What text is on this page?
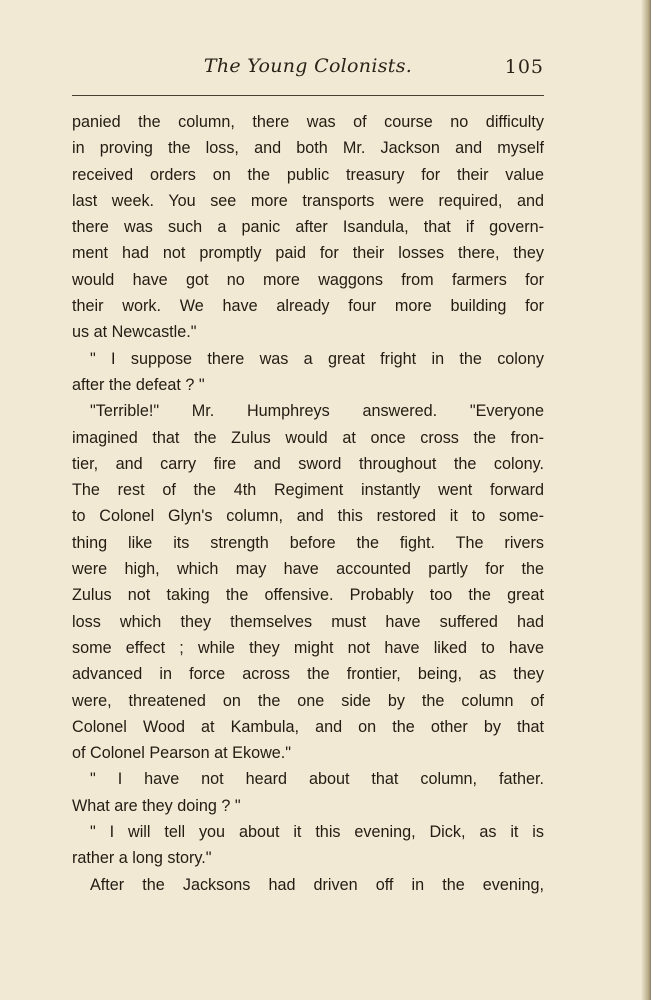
The Young Colonists.	105
panied the column, there was of course no difficulty
in proving the loss, and both Mr. Jackson and myself
received orders on the public treasury for their value
last week. You see more transports were required, and
there was such a panic after Isandula, that if govern-
ment had not promptly paid for their losses there, they
would have got no more waggons from farmers for
their work. We have already four more building for
us at Newcastle."
" I suppose there was a great fright in the colony
after the defeat ? "
"Terrible!" Mr. Humphreys answered. "Everyone
imagined that the Zulus would at once cross the fron-
tier, and carry fire and sword throughout the colony.
The rest of the 4th Regiment instantly went forward
to Colonel Glyn's column, and this restored it to some-
thing like its strength before the fight. The rivers
were high, which may have accounted partly for the
Zulus not taking the offensive. Probably too the great
loss which they themselves must have suffered had
some effect ; while they might not have liked to have
advanced in force across the frontier, being, as they
were, threatened on the one side by the column of
Colonel Wood at Kambula, and on the other by that
of Colonel Pearson at Ekowe."
" I have not heard about that column, father.
What are they doing ? "
" I will tell you about it this evening, Dick, as it is
rather a long story."
After the Jacksons had driven off in the evening,
